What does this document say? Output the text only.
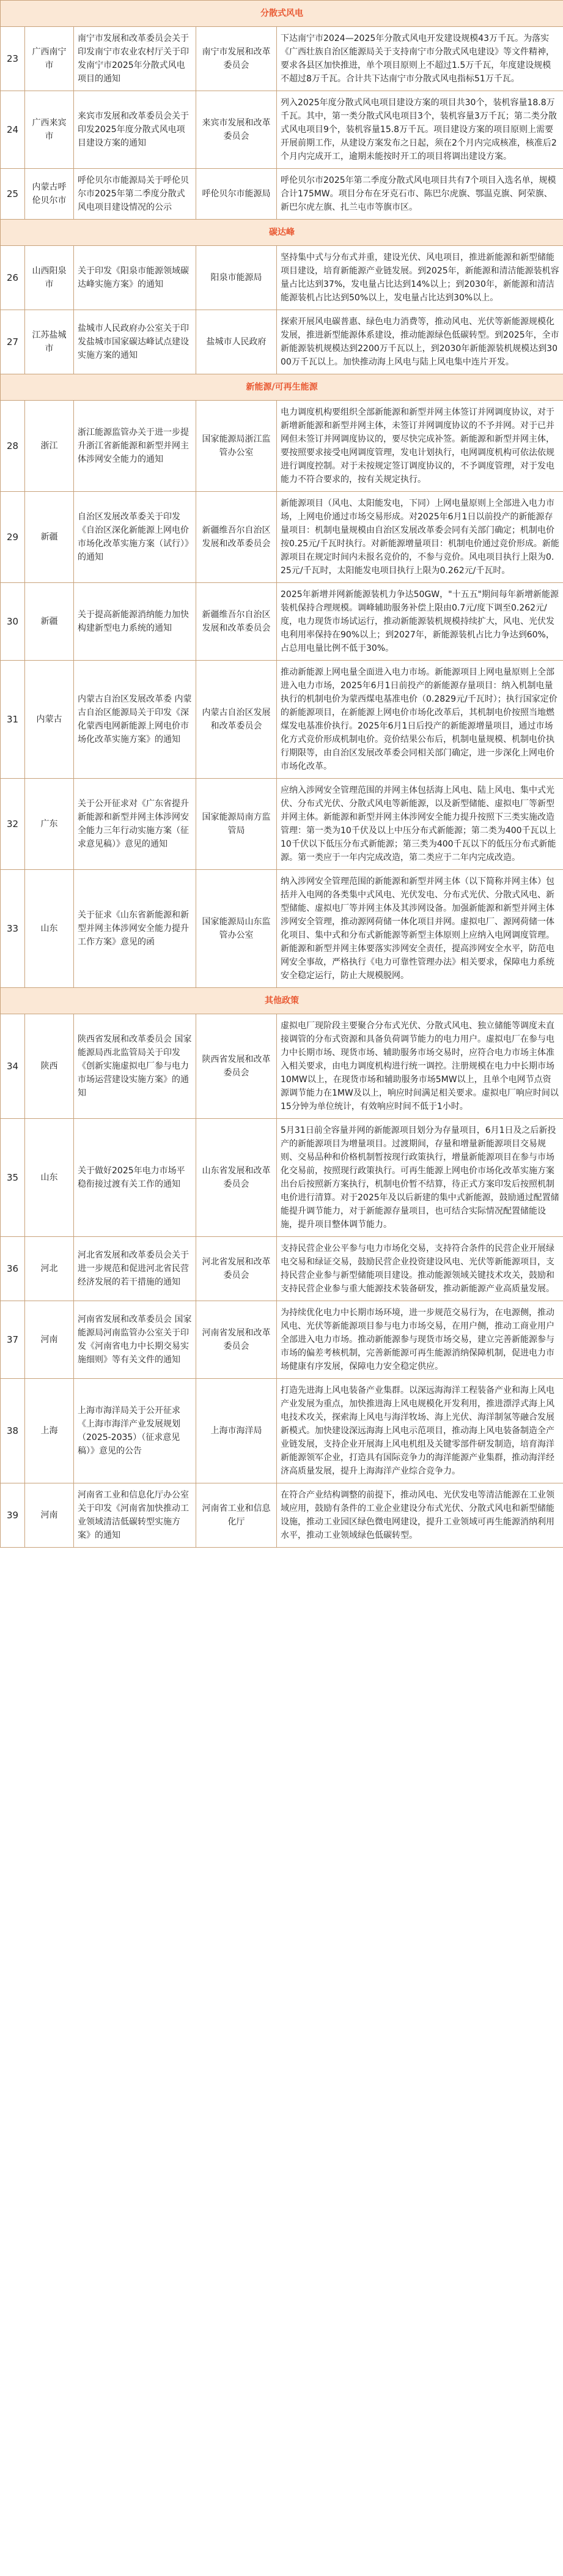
分散式风电				
23	广西南宁市	南宁市发展和改革委员会关于印发南宁市农业农村厅关于印发南宁市2025年分散式风电项目的通知	南宁市发展和改革委员会	下达南宁市2024—2025年分散式风电开发建设规模43万千瓦。为落实《广西壮族自治区能源局关于支持南宁市分散式风电建设》等文件精神，要求各县区加快推进，单个项目原则上不超过1.5万千瓦，年度建设规模不超过8万千瓦。合计共下达南宁市分散式风电指标51万千瓦。
24	广西来宾市	来宾市发展和改革委员会关于印发2025年度分散式风电项目建设方案的通知	来宾市发展和改革委员会	列入2025年度分散式风电项目建设方案的项目共30个，装机容量18.8万千瓦。其中，第一类分散式风电项目3个，装机容量3万千瓦；第二类分散式风电项目9个，装机容量15.8万千瓦。项目建设方案的项目原则上需要开展前期工作，从建设方案发布之日起，须在2个月内完成核准，核准后2个月内完成开工，逾期未能按时开工的项目将调出建设方案。
25	内蒙古呼伦贝尔市	呼伦贝尔市能源局关于呼伦贝尔市2025年第二季度分散式风电项目建设情况的公示	呼伦贝尔市能源局	呼伦贝尔市2025年第二季度分散式风电项目共有7个项目入选名单，规模合计175MW。项目分布在牙克石市、陈巴尔虎旗、鄂温克旗、阿荣旗、新巴尔虎左旗、扎兰屯市等旗市区。
碳达峰				
26	山西阳泉市	关于印发《阳泉市能源领域碳达峰实施方案》的通知	阳泉市能源局	坚持集中式与分布式并重，建设光伏、风电项目，推进新能源和新型储能项目建设，培育新能源产业链发展。到2025年，新能源和清洁能源装机容量占比达到37%，发电量占比达到14%以上；到2030年，新能源和清洁能源装机占比达到50%以上，发电量占比达到30%以上。
27	江苏盐城市	盐城市人民政府办公室关于印发盐城市国家碳达峰试点建设实施方案的通知	盐城市人民政府	探索开展风电碳普惠、绿色电力消费等，推动风电、光伏等新能源规模化发展，推进新型能源体系建设，推动能源绿色低碳转型。到2025年，全市新能源装机规模达到2200万千瓦以上，到2030年新能源装机规模达到3000万千瓦以上。加快推动海上风电与陆上风电集中连片开发。
新能源/可再生能源				
28	浙江	浙江能源监管办关于进一步提升浙江省新能源和新型并网主体涉网安全能力的通知	国家能源局浙江监管办公室	电力调度机构要组织全部新能源和新型并网主体签订并网调度协议，对于新增新能源和新型并网主体，未签订并网调度协议的不予并网。对于已并网但未签订并网调度协议的，要尽快完成补签。新能源和新型并网主体，要按照要求接受电网调度管理，发电计划执行，电网调度机构可依法依规进行调度控制。对于未按规定签订调度协议的，不予调度管理，对于发电能力不符合要求的，按有关规定执行。
29	新疆	自治区发展改革委关于印发《自治区深化新能源上网电价市场化改革实施方案（试行）》的通知	新疆维吾尔自治区发展和改革委员会	新能源项目（风电、太阳能发电，下同）上网电量原则上全部进入电力市场，上网电价通过市场交易形成。对2025年6月1日以前投产的新能源存量项目：机制电量规模由自治区发展改革委会同有关部门确定；机制电价按0.25元/千瓦时执行。对新能源增量项目：机制电价通过竞价形成。新能源项目在规定时间内未报名竞价的，不参与竞价。风电项目执行上限为0.25元/千瓦时，太阳能发电项目执行上限为0.262元/千瓦时。
30	新疆	关于提高新能源消纳能力加快构建新型电力系统的通知	新疆维吾尔自治区发展和改革委员会	2025年新增并网新能源装机力争达50GW，"十五五"期间每年新增新能源装机保持合理规模。调峰辅助服务补偿上限由0.7元/度下调至0.262元/度，电力现货市场试运行，推动新能源装机规模持续扩大，风电、光伏发电利用率保持在90%以上；到2027年，新能源装机占比力争达到60%，占总用电量比例不低于30%。
31	内蒙古	内蒙古自治区发展改革委 内蒙古自治区能源局关于印发《深化蒙西电网新能源上网电价市场化改革实施方案》的通知	内蒙古自治区发展和改革委员会	推动新能源上网电量全面进入电力市场。新能源项目上网电量原则上全部进入电力市场，2025年6月1日前投产的新能源存量项目：纳入机制电量执行的机制电价为蒙西煤电基准电价（0.2829元/千瓦时）；执行国家定价的新能源项目，在新能源上网电价市场化改革后，其机制电价按照当地燃煤发电基准价执行。2025年6月1日后投产的新能源增量项目，通过市场化方式竞价形成机制电价。竞价结果公布后，机制电量规模、机制电价执行期限等，由自治区发展改革委会同相关部门确定，进一步深化上网电价市场化改革。
32	广东	关于公开征求对《广东省提升新能源和新型并网主体涉网安全能力三年行动实施方案（征求意见稿）》意见的通知	国家能源局南方监管局	应纳入涉网安全管理范围的并网主体包括海上风电、陆上风电、集中式光伏、分布式光伏、分散式风电等新能源，以及新型储能、虚拟电厂等新型并网主体。新能源和新型并网主体涉网安全能力提升按照下三类实施改造管理：第一类为10千伏及以上中压分布式新能源；第二类为400千瓦以上10千伏以下低压分布式新能源；第三类为400千瓦以下的低压分布式新能源。第一类应于一年内完成改造，第二类应于二年内完成改造。
33	山东	关于征求《山东省新能源和新型并网主体涉网安全能力提升工作方案》意见的函	国家能源局山东监管办公室	纳入涉网安全管理范围的新能源和新型并网主体（以下简称并网主体）包括并入电网的各类集中式风电、光伏发电、分布式光伏、分散式风电、新型储能、虚拟电厂等并网主体及其涉网设备。加强新能源和新型并网主体涉网安全管理，推动源网荷储一体化项目并网。虚拟电厂、源网荷储一体化项目、集中式和分布式新能源等新型主体原则上应纳入电网调度管理。新能源和新型并网主体要落实涉网安全责任，提高涉网安全水平，防范电网安全事故，严格执行《电力可靠性管理办法》相关要求，保障电力系统安全稳定运行，防止大规模脱网。
其他政策				
34	陕西	陕西省发展和改革委员会 国家能源局西北监管局关于印发《创新实施虚拟电厂参与电力市场运营建设实施方案》的通知	陕西省发展和改革委员会	虚拟电厂现阶段主要聚合分布式光伏、分散式风电、独立储能等调度未直接调管的分布式资源和具备负荷调节能力的电力用户。虚拟电厂在参与电力中长期市场、现货市场、辅助服务市场交易时，应符合电力市场主体准入相关要求，由电力调度机构进行统一调控。注册规模在电力中长期市场10MW以上，在现货市场和辅助服务市场5MW以上，且单个电网节点资源调节能力在1MW及以上，响应时间满足相关要求。虚拟电厂响应时间以15分钟为单位统计，有效响应时间不低于1小时。
35	山东	关于做好2025年电力市场平稳衔接过渡有关工作的通知	山东省发展和改革委员会	5月31日前全容量并网的新能源项目划分为存量项目，6月1日及之后新投产的新能源项目为增量项目。过渡期间，存量和增量新能源项目交易规则、交易品种和价格机制暂按现行政策执行，增量新能源项目在参与市场化交易前，按照现行政策执行。可再生能源上网电价市场化改革实施方案出台后按照新方案执行，机制电价暂不结算，待正式方案印发后按照机制电价进行清算。对于2025年及以后新建的集中式新能源，鼓励通过配置储能提升调节能力，对于新能源存量项目，也可结合实际情况配置储能设施，提升项目整体调节能力。
36	河北	河北省发展和改革委员会关于进一步规范和促进河北省民营经济发展的若干措施的通知	河北省发展和改革委员会	支持民营企业公平参与电力市场化交易，支持符合条件的民营企业开展绿电交易和绿证交易，鼓励民营企业投资建设风电、光伏等新能源项目，支持民营企业参与新型储能项目建设。推动能源领域关键技术攻关，鼓励和支持民营企业参与重大能源技术装备研发，推动新能源产业高质量发展。
37	河南	河南省发展和改革委员会 国家能源局河南监管办公室关于印发《河南省电力中长期交易实施细则》等有关文件的通知	河南省发展和改革委员会	为持续优化电力中长期市场环境，进一步规范交易行为，在电源侧，推动风电、光伏等新能源项目参与电力市场交易，在用户侧，推动工商业用户全部进入电力市场。推动新能源参与现货市场交易，建立完善新能源参与市场的偏差考核机制，完善新能源可再生能源消纳保障机制，促进电力市场健康有序发展，保障电力安全稳定供应。
38	上海	上海市海洋局关于公开征求《上海市海洋产业发展规划（2025-2035）（征求意见稿）》意见的公告	上海市海洋局	打造先进海上风电装备产业集群。以深远海海洋工程装备产业和海上风电产业发展为重点，加快推进海上风电规模化开发利用，推进漂浮式海上风电技术攻关，探索海上风电与海洋牧场、海上光伏、海洋制氢等融合发展新模式。加快建设深远海海上风电示范项目，推动海上风电装备制造全产业链发展，支持企业开展海上风电机组及关键零部件研发制造，培育海洋新能源领军企业，打造具有国际竞争力的海洋能源产业集群，推动海洋经济高质量发展，提升上海海洋产业综合竞争力。
39	河南	河南省工业和信息化厅办公室关于印发《河南省加快推动工业领域清洁低碳转型实施方案》的通知	河南省工业和信息化厅	在符合产业结构调整的前提下，推动风电、光伏发电等清洁能源在工业领域应用，鼓励有条件的工业企业建设分布式光伏、分散式风电和新型储能设施，推动工业园区绿色微电网建设，提升工业领域可再生能源消纳利用水平，推动工业领域绿色低碳转型。
